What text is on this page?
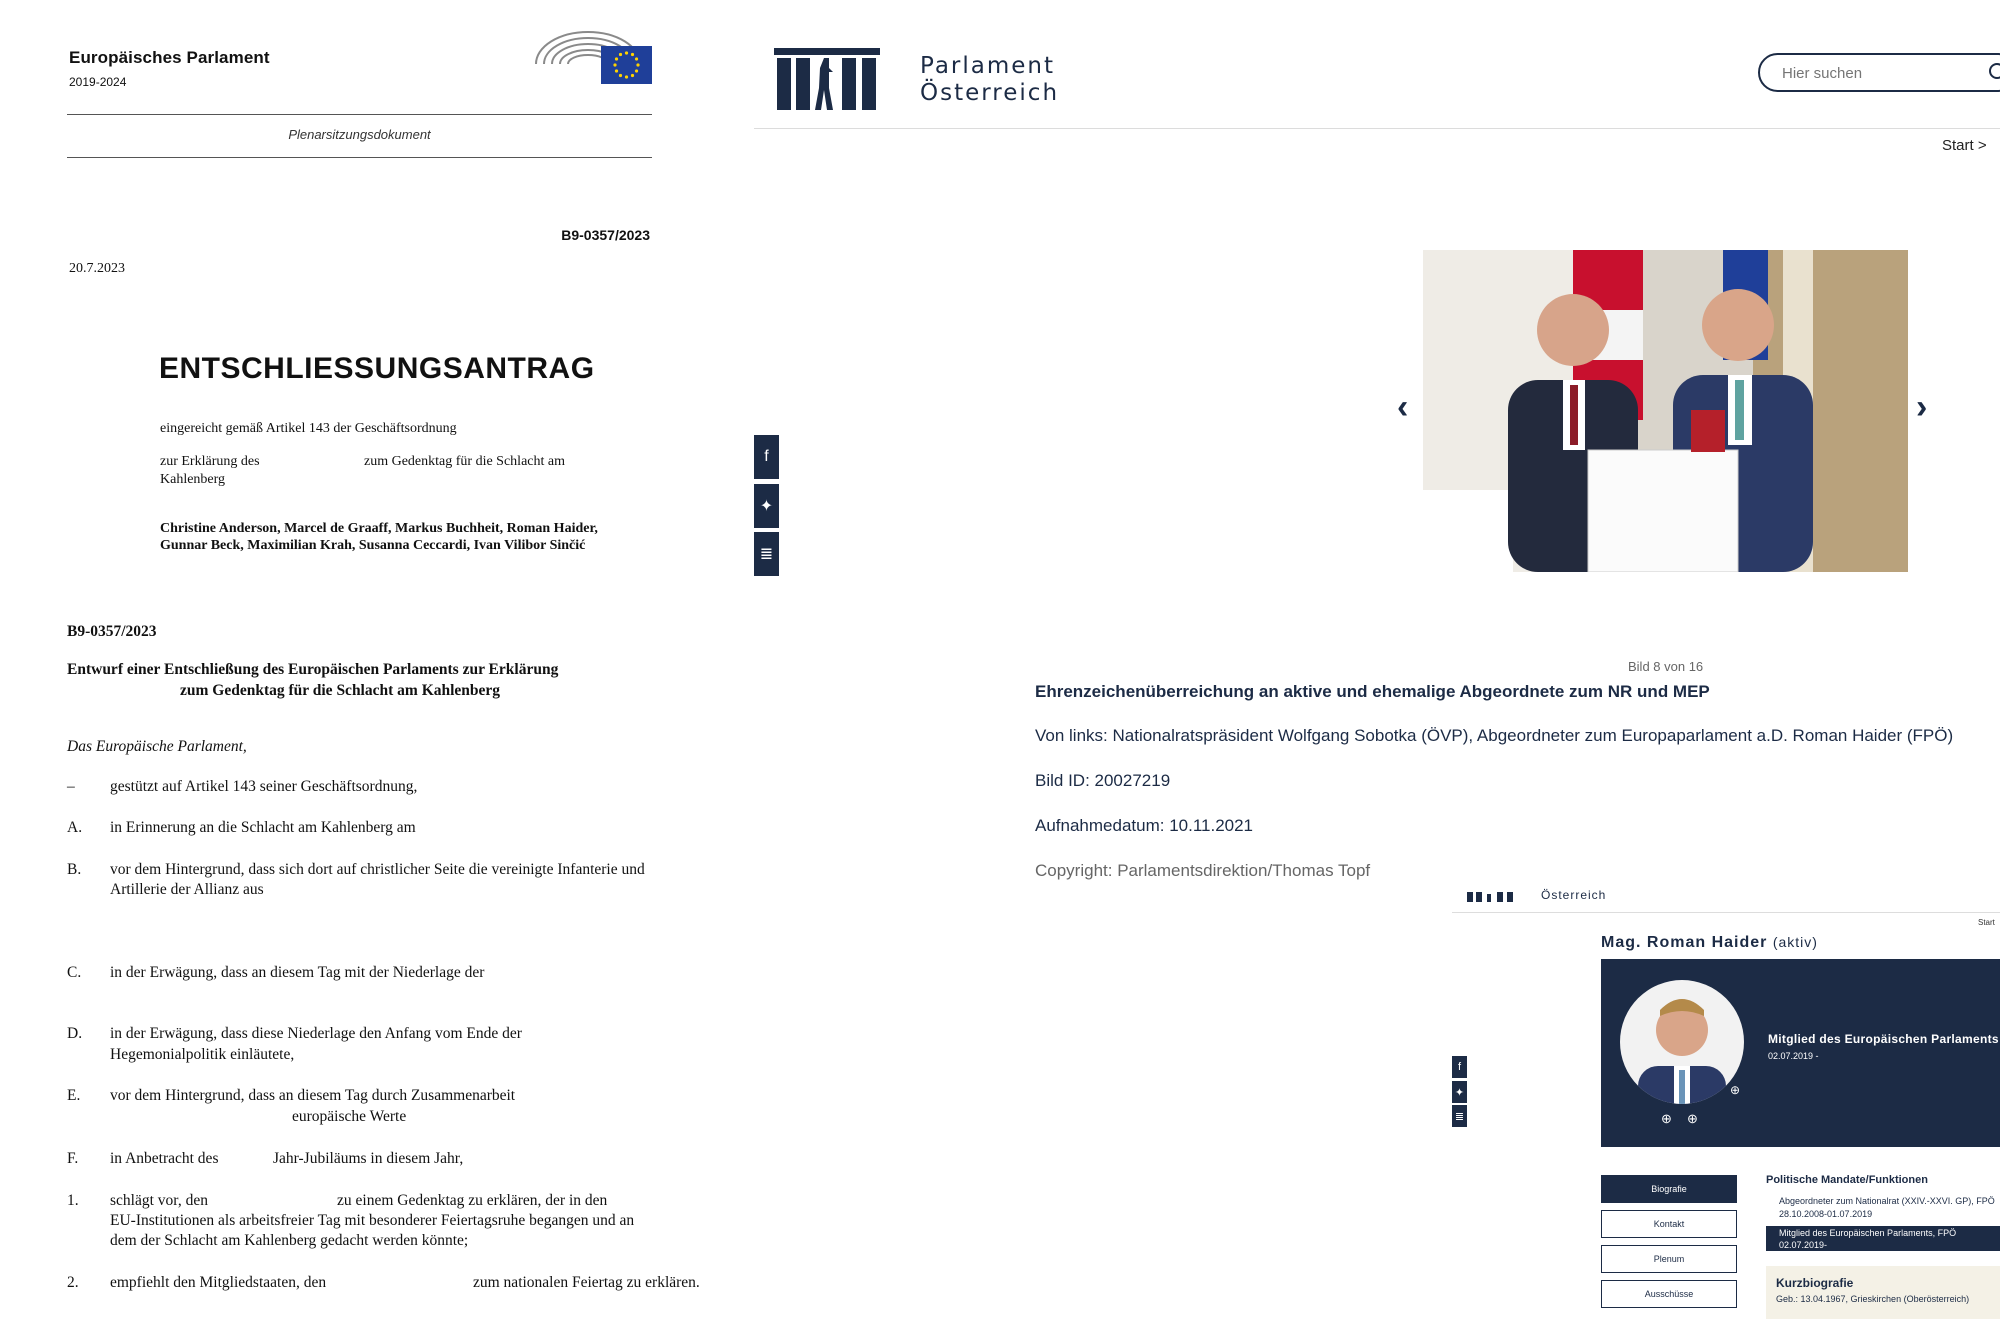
Europäisches Parlament
2019-2024
Plenarsitzungsdokument
B9-0357/2023
20.7.2023
ENTSCHLIESSUNGSANTRAG
eingereicht gemäß Artikel 143 der Geschäftsordnung
zur Erklärung des	zum Gedenktag für die Schlacht am
Kahlenberg
Christine Anderson, Marcel de Graaff, Markus Buchheit, Roman Haider,
Gunnar Beck, Maximilian Krah, Susanna Ceccardi, Ivan Vilibor Sinčić
B9-0357/2023
Entwurf einer Entschließung des Europäischen Parlaments zur Erklärung
zum Gedenktag für die Schlacht am Kahlenberg
Das Europäische Parlament,
–	gestützt auf Artikel 143 seiner Geschäftsordnung,
A.	in Erinnerung an die Schlacht am Kahlenberg am
B.	vor dem Hintergrund, dass sich dort auf christlicher Seite die vereinigte Infanterie und
Artillerie der Allianz aus
C.	in der Erwägung, dass an diesem Tag mit der Niederlage der
D.	in der Erwägung, dass diese Niederlage den Anfang vom Ende der
Hegemonialpolitik einläutete,
E.	vor dem Hintergrund, dass an diesem Tag durch Zusammenarbeit
europäische Werte
F.	in Anbetracht des	Jahr-Jubiläums in diesem Jahr,
1.	schlägt vor, den	zu einem Gedenktag zu erklären, der in den
EU-Institutionen als arbeitsfreier Tag mit besonderer Feiertagsruhe begangen und an
dem der Schlacht am Kahlenberg gedacht werden könnte;
2.	empfiehlt den Mitgliedstaaten, den	zum nationalen Feiertag zu erklären.
Parlament
Österreich
Hier suchen
Start >
f
✦
≣
‹	›
Bild 8 von 16
Ehrenzeichenüberreichung an aktive und ehemalige Abgeordnete zum NR und MEP
Von links: Nationalratspräsident Wolfgang Sobotka (ÖVP), Abgeordneter zum Europaparlament a.D. Roman Haider (FPÖ)
Bild ID: 20027219
Aufnahmedatum: 10.11.2021
Copyright: Parlamentsdirektion/Thomas Topf
Österreich
Start
f
✦
≣
Mag. Roman Haider (aktiv)
⊕
⊕ ⊕
Mitglied des Europäischen Parlaments
02.07.2019 -
Biografie
Kontakt
Plenum
Ausschüsse
Politische Mandate/Funktionen
Abgeordneter zum Nationalrat (XXIV.-XXVI. GP), FPÖ
28.10.2008-01.07.2019
Mitglied des Europäischen Parlaments, FPÖ
02.07.2019-
Kurzbiografie
Geb.: 13.04.1967, Grieskirchen (Oberösterreich)
